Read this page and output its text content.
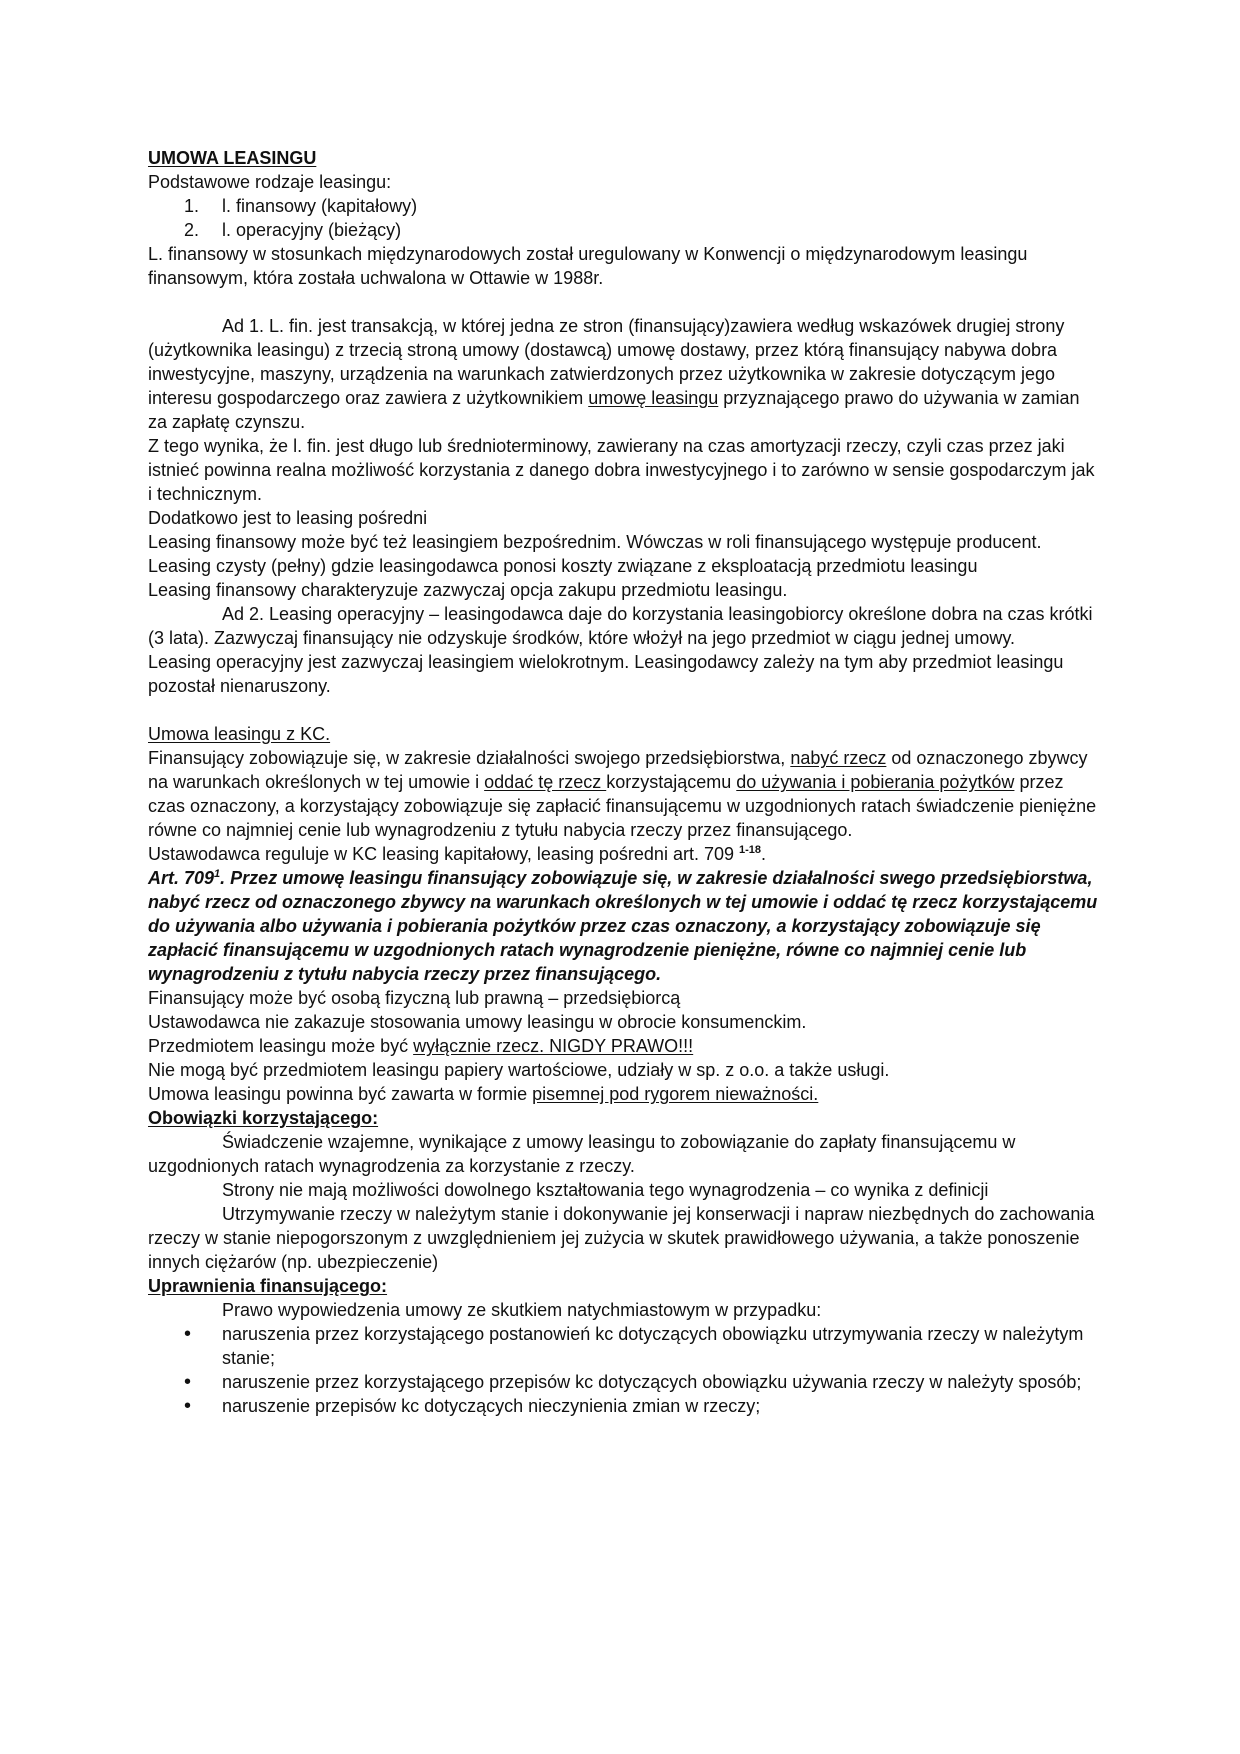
UMOWA LEASINGU

Podstawowe rodzaje leasingu:

1. l. finansowy (kapitałowy)

2. l. operacyjny (bieżący)

L. finansowy w stosunkach międzynarodowych został uregulowany w Konwencji o międzynarodowym leasingu finansowym, która została uchwalona w Ottawie w 1988r.

Ad 1. L. fin. jest transakcją, w której jedna ze stron (finansujący)zawiera według wskazówek drugiej strony (użytkownika leasingu) z trzecią stroną umowy (dostawcą) umowę dostawy, przez którą finansujący nabywa dobra inwestycyjne, maszyny, urządzenia na warunkach zatwierdzonych przez użytkownika w zakresie dotyczącym jego interesu gospodarczego oraz zawiera z użytkownikiem umowę leasingu przyznającego prawo do używania w zamian za zapłatę czynszu.

Z tego wynika, że l. fin. jest długo lub średnioterminowy, zawierany na czas amortyzacji rzeczy, czyli czas przez jaki istnieć powinna realna możliwość korzystania z danego dobra inwestycyjnego i to zarówno w sensie gospodarczym jak i technicznym.

Dodatkowo jest to leasing pośredni

Leasing finansowy może być też leasingiem bezpośrednim. Wówczas w roli finansującego występuje producent.

Leasing czysty (pełny) gdzie leasingodawca ponosi koszty związane z eksploatacją przedmiotu leasingu

Leasing finansowy charakteryzuje zazwyczaj opcja zakupu przedmiotu leasingu.

Ad 2. Leasing operacyjny – leasingodawca daje do korzystania leasingobiorcy określone dobra na czas krótki (3 lata). Zazwyczaj finansujący nie odzyskuje środków, które włożył na jego przedmiot w ciągu jednej umowy.

Leasing operacyjny jest zazwyczaj leasingiem wielokrotnym. Leasingodawcy zależy na tym aby przedmiot leasingu pozostał nienaruszony.

Umowa leasingu z KC.

Finansujący zobowiązuje się, w zakresie działalności swojego przedsiębiorstwa, nabyć rzecz od oznaczonego zbywcy na warunkach określonych w tej umowie i oddać tę rzecz korzystającemu do używania i pobierania pożytków przez czas oznaczony, a korzystający zobowiązuje się zapłacić finansującemu w uzgodnionych ratach świadczenie pieniężne równe co najmniej cenie lub wynagrodzeniu z tytułu nabycia rzeczy przez finansującego.

Ustawodawca reguluje w KC leasing kapitałowy, leasing pośredni art. 709 $^{1-18}$.

Art. $709^1$. Przez umowę leasingu finansujący zobowiązuje się, w zakresie działalności swego przedsiębiorstwa, nabyć rzecz od oznaczonego zbywcy na warunkach określonych w tej umowie i oddać tę rzecz korzystającemu do używania albo używania i pobierania pożytków przez czas oznaczony, a korzystający zobowiązuje się zapłacić finansującemu w uzgodnionych ratach wynagrodzenie pieniężne, równe co najmniej cenie lub wynagrodzeniu z tytułu nabycia rzeczy przez finansującego.

Finansujący może być osobą fizyczną lub prawną – przedsiębiorcą

Ustawodawca nie zakazuje stosowania umowy leasingu w obrocie konsumenckim.

Przedmiotem leasingu może być wyłącznie rzecz. NIGDY PRAWO!!!

Nie mogą być przedmiotem leasingu papiery wartościowe, udziały w sp. z o.o. a także usługi.

Umowa leasingu powinna być zawarta w formie pisemnej pod rygorem nieważności.

Obowiązki korzystającego:

Świadczenie wzajemne, wynikające z umowy leasingu to zobowiązanie do zapłaty finansującemu w uzgodnionych ratach wynagrodzenia za korzystanie z rzeczy.

Strony nie mają możliwości dowolnego kształtowania tego wynagrodzenia – co wynika z definicji

Utrzymywanie rzeczy w należytym stanie i dokonywanie jej konserwacji i napraw niezbędnych do zachowania rzeczy w stanie niepogorszonym z uwzględnieniem jej zużycia w skutek prawidłowego używania, a także ponoszenie innych ciężarów (np. ubezpieczenie)

Uprawnienia finansującego:

Prawo wypowiedzenia umowy ze skutkiem natychmiastowym w przypadku:

• naruszenia przez korzystającego postanowień kc dotyczących obowiązku utrzymywania rzeczy w należytym stanie;

• naruszenie przez korzystającego przepisów kc dotyczących obowiązku używania rzeczy w należyty sposób;

• naruszenie przepisów kc dotyczących nieczynienia zmian w rzeczy;
